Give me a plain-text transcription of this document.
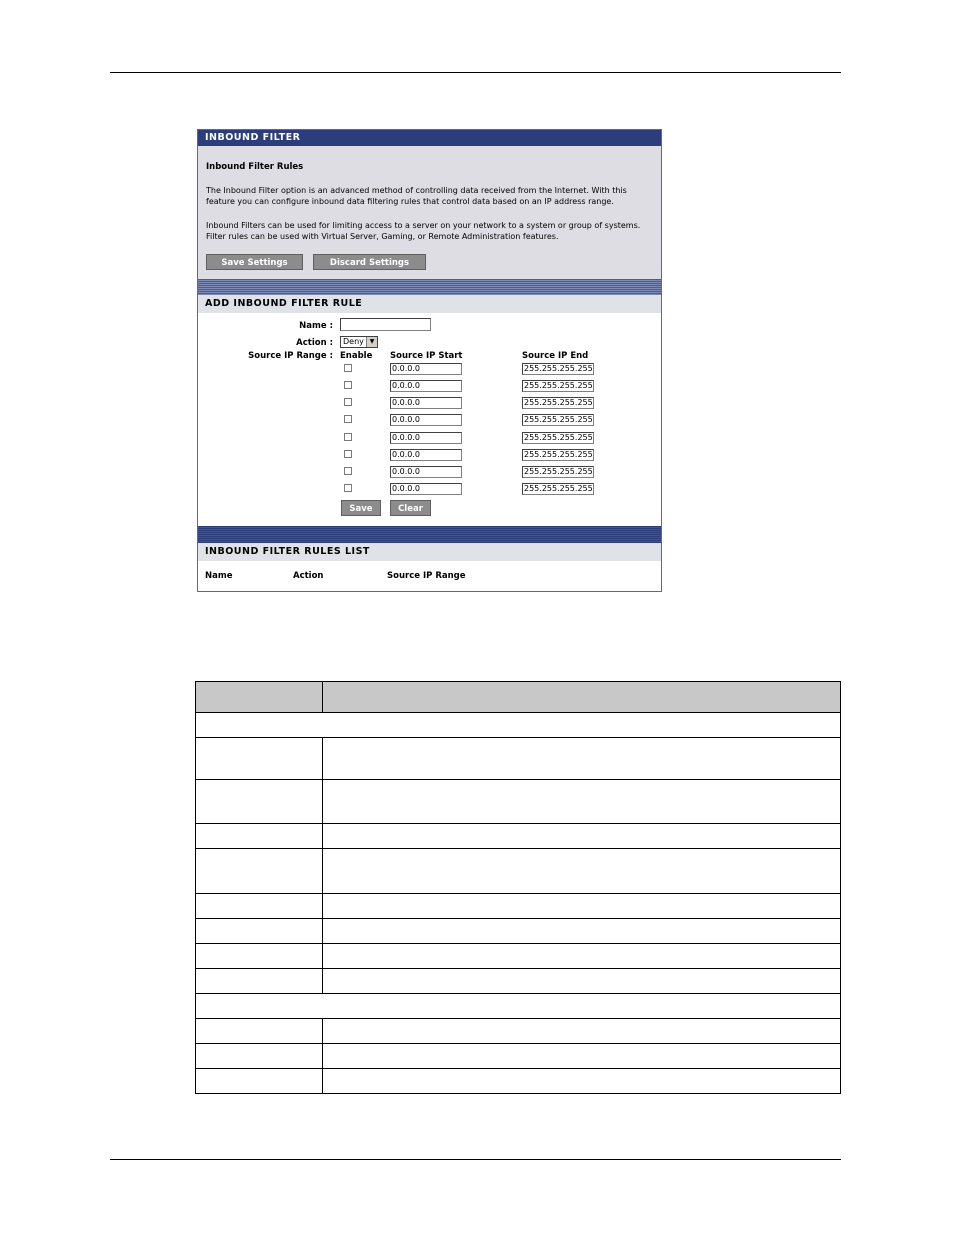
INBOUND FILTER
Inbound Filter Rules
The Inbound Filter option is an advanced method of controlling data received from the Internet. With this feature you can configure inbound data filtering rules that control data based on an IP address range.
Inbound Filters can be used for limiting access to a server on your network to a system or group of systems. Filter rules can be used with Virtual Server, Gaming, or Remote Administration features.
Save Settings	Discard Settings
ADD INBOUND FILTER RULE
Name :
Action :	Deny ▼
Source IP Range : Enable Source IP Start	Source IP End
0.0.0.0	255.255.255.255
0.0.0.0	255.255.255.255
0.0.0.0	255.255.255.255
0.0.0.0	255.255.255.255
0.0.0.0	255.255.255.255
0.0.0.0	255.255.255.255
0.0.0.0	255.255.255.255
0.0.0.0	255.255.255.255
Save	Clear
INBOUND FILTER RULES LIST
Name	Action	Source IP Range
